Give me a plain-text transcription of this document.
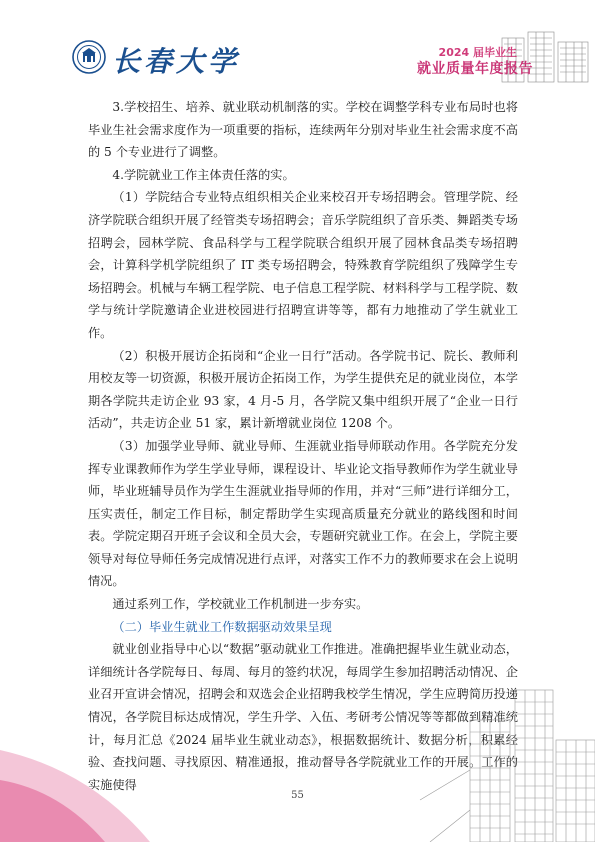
长春大学	2024 届毕业生
就业质量年度报告

3.学校招生、培养、就业联动机制落的实。学校在调整学科专业布局时也将毕业生社会需求度作为一项重要的指标，连续两年分别对毕业生社会需求度不高的 5 个专业进行了调整。

4.学院就业工作主体责任落的实。

（1）学院结合专业特点组织相关企业来校召开专场招聘会。管理学院、经济学院联合组织开展了经管类专场招聘会；音乐学院组织了音乐类、舞蹈类专场招聘会，园林学院、食品科学与工程学院联合组织开展了园林食品类专场招聘会，计算科学机学院组织了 IT 类专场招聘会，特殊教育学院组织了残障学生专场招聘会。机械与车辆工程学院、电子信息工程学院、材料科学与工程学院、数学与统计学院邀请企业进校园进行招聘宣讲等等，都有力地推动了学生就业工作。

（2）积极开展访企拓岗和“企业一日行”活动。各学院书记、院长、教师利用校友等一切资源，积极开展访企拓岗工作，为学生提供充足的就业岗位，本学期各学院共走访企业 93 家，4 月-5 月，各学院又集中组织开展了“企业一日行活动”，共走访企业 51 家，累计新增就业岗位 1208 个。

（3）加强学业导师、就业导师、生涯就业指导师联动作用。各学院充分发挥专业课教师作为学生学业导师，课程设计、毕业论文指导教师作为学生就业导师，毕业班辅导员作为学生生涯就业指导师的作用，并对“三师”进行详细分工，压实责任，制定工作目标，制定帮助学生实现高质量充分就业的路线图和时间表。学院定期召开班子会议和全员大会，专题研究就业工作。在会上，学院主要领导对每位导师任务完成情况进行点评，对落实工作不力的教师要求在会上说明情况。

通过系列工作，学校就业工作机制进一步夯实。

（二）毕业生就业工作数据驱动效果呈现

就业创业指导中心以“数据”驱动就业工作推进。准确把握毕业生就业动态，详细统计各学院每日、每周、每月的签约状况，每周学生参加招聘活动情况、企业召开宣讲会情况，招聘会和双选会企业招聘我校学生情况，学生应聘简历投递情况，各学院目标达成情况，学生升学、入伍、考研考公情况等等都做到精准统计，每月汇总《2024 届毕业生就业动态》，根据数据统计、数据分析，积累经验、查找问题、寻找原因、精准通报，推动督导各学院就业工作的开展。工作的实施使得

55
